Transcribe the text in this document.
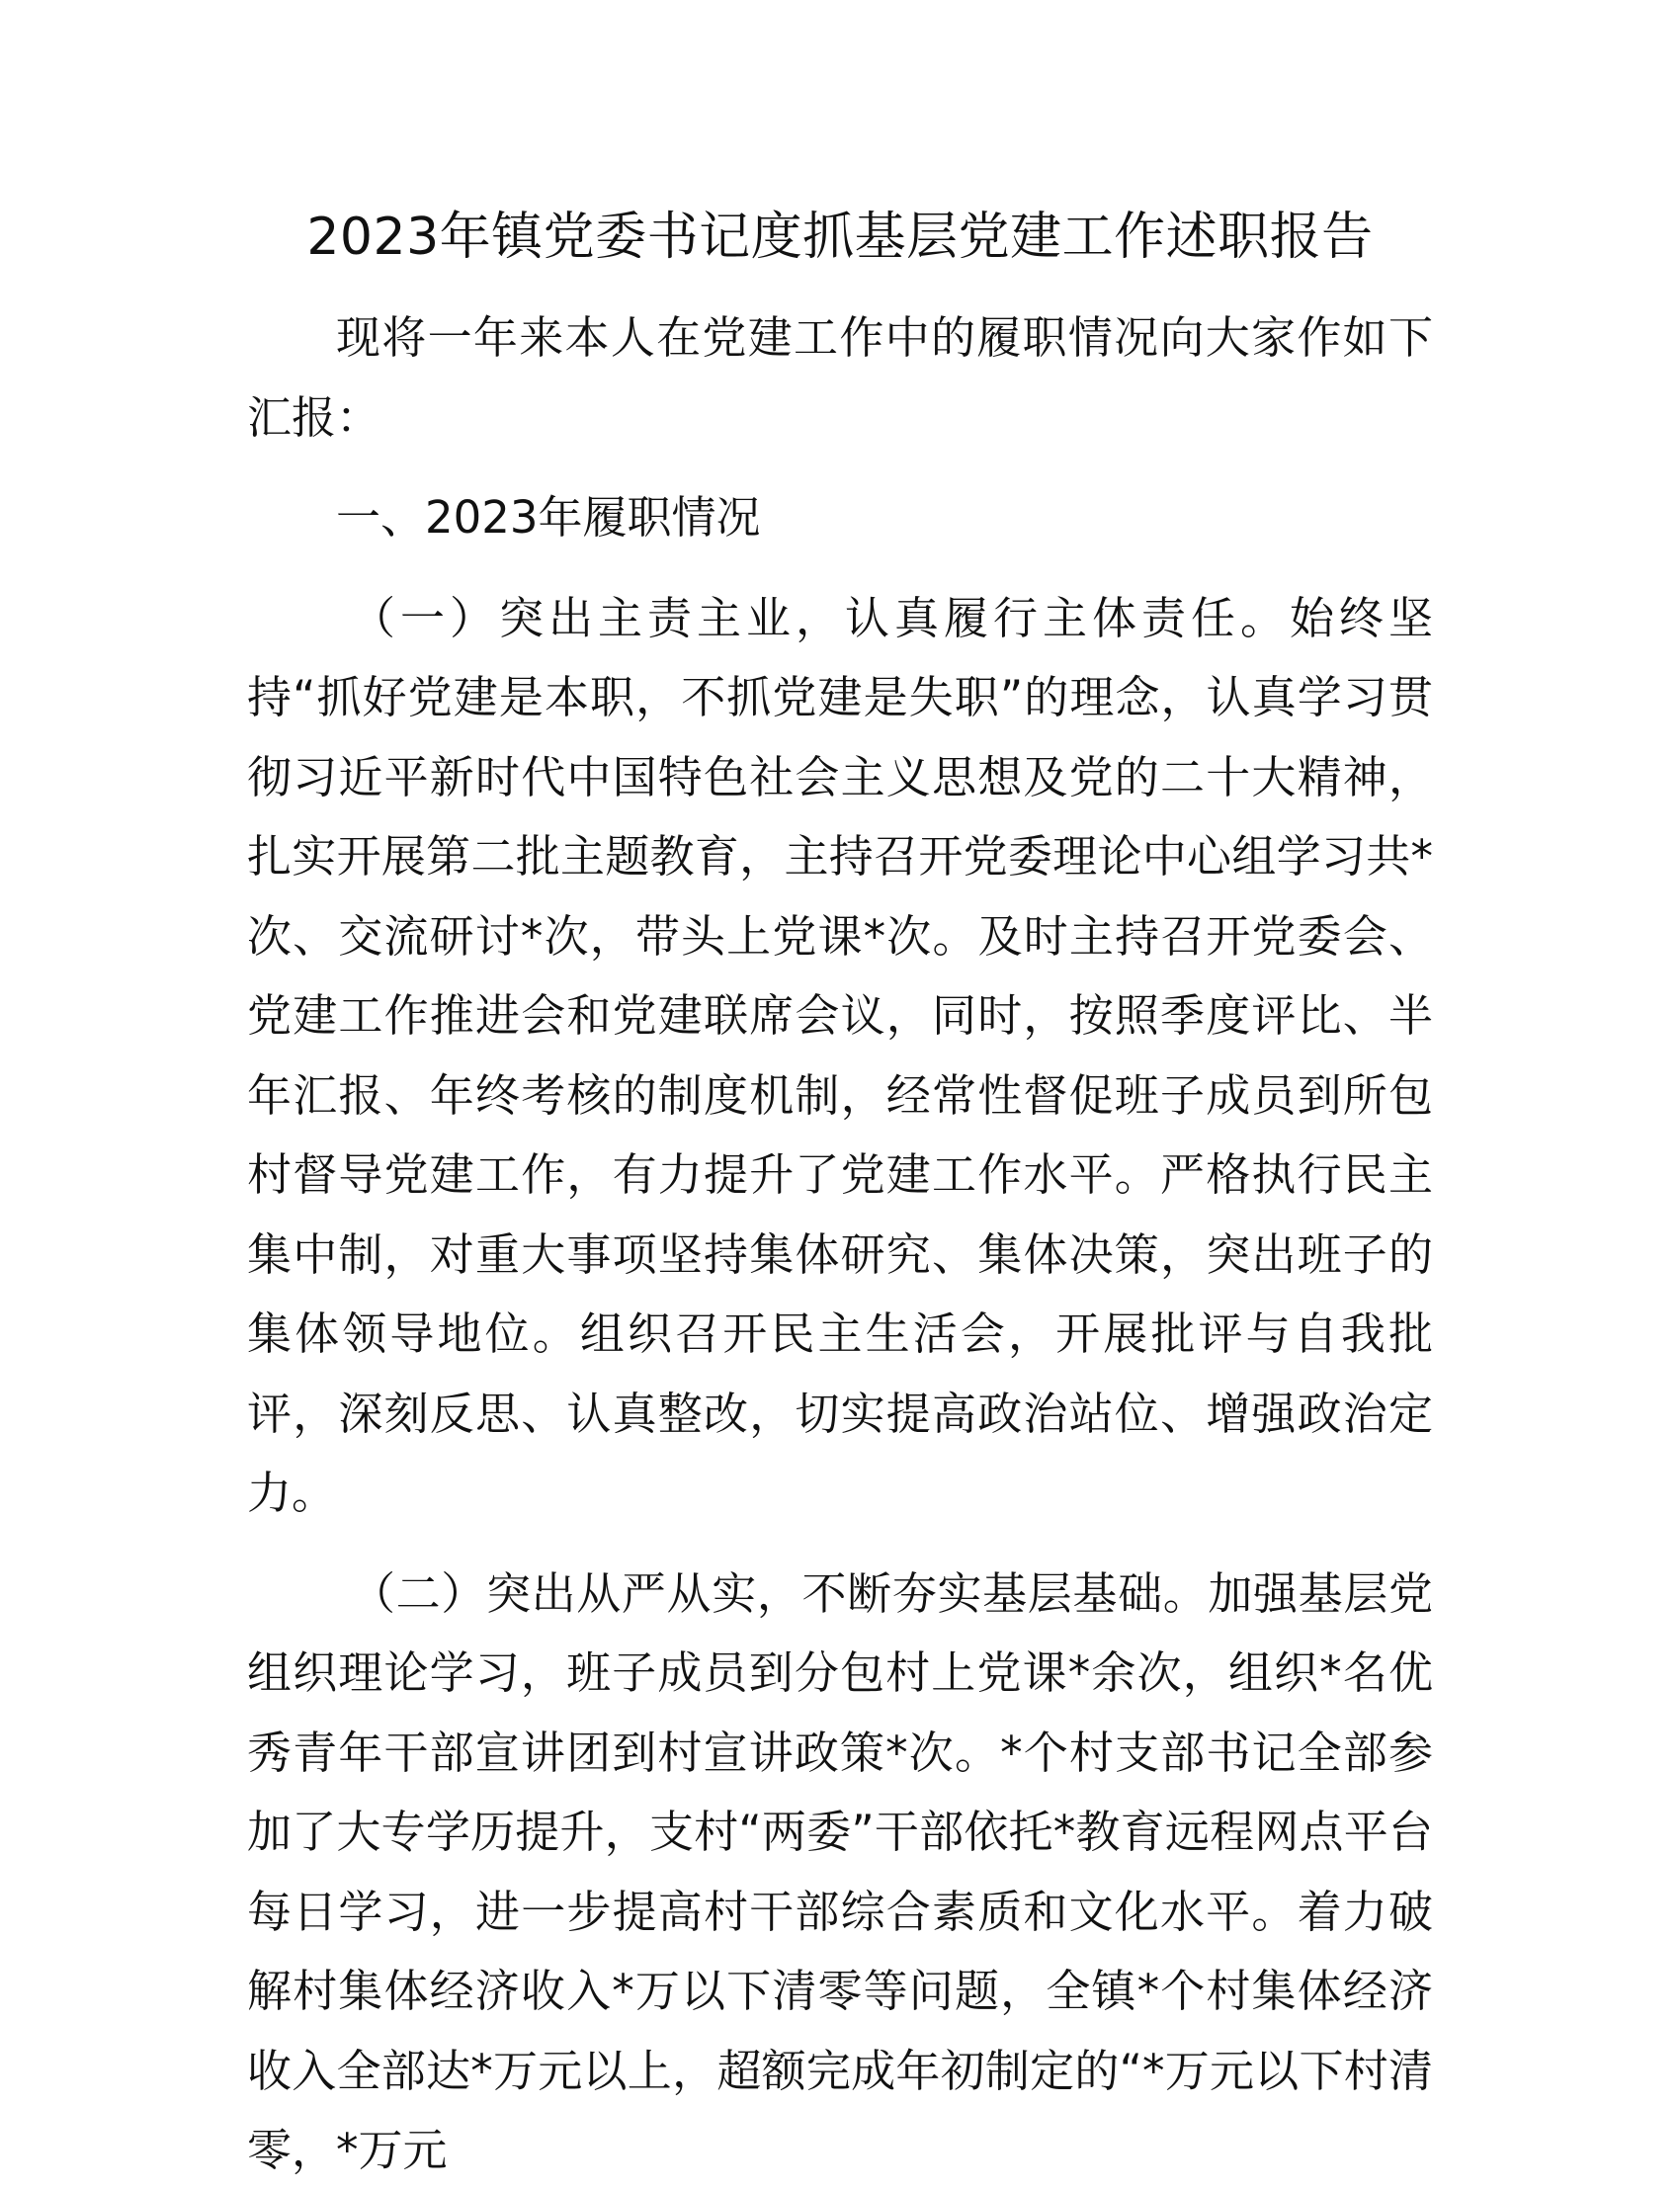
2023年镇党委书记度抓基层党建工作述职报告

现将一年来本人在党建工作中的履职情况向大家作如下汇报：

一、2023年履职情况

（一）突出主责主业，认真履行主体责任。始终坚持“抓好党建是本职，不抓党建是失职”的理念，认真学习贯彻习近平新时代中国特色社会主义思想及党的二十大精神，扎实开展第二批主题教育，主持召开党委理论中心组学习共*次、交流研讨*次，带头上党课*次。及时主持召开党委会、党建工作推进会和党建联席会议，同时，按照季度评比、半年汇报、年终考核的制度机制，经常性督促班子成员到所包村督导党建工作，有力提升了党建工作水平。严格执行民主集中制，对重大事项坚持集体研究、集体决策，突出班子的集体领导地位。组织召开民主生活会，开展批评与自我批评，深刻反思、认真整改，切实提高政治站位、增强政治定力。

（二）突出从严从实，不断夯实基层基础。加强基层党组织理论学习，班子成员到分包村上党课*余次，组织*名优秀青年干部宣讲团到村宣讲政策*次。*个村支部书记全部参加了大专学历提升，支村“两委”干部依托*教育远程网点平台每日学习，进一步提高村干部综合素质和文化水平。着力破解村集体经济收入*万以下清零等问题，全镇*个村集体经济收入全部达*万元以上，超额完成年初制定的“*万元以下村清零，*万元
